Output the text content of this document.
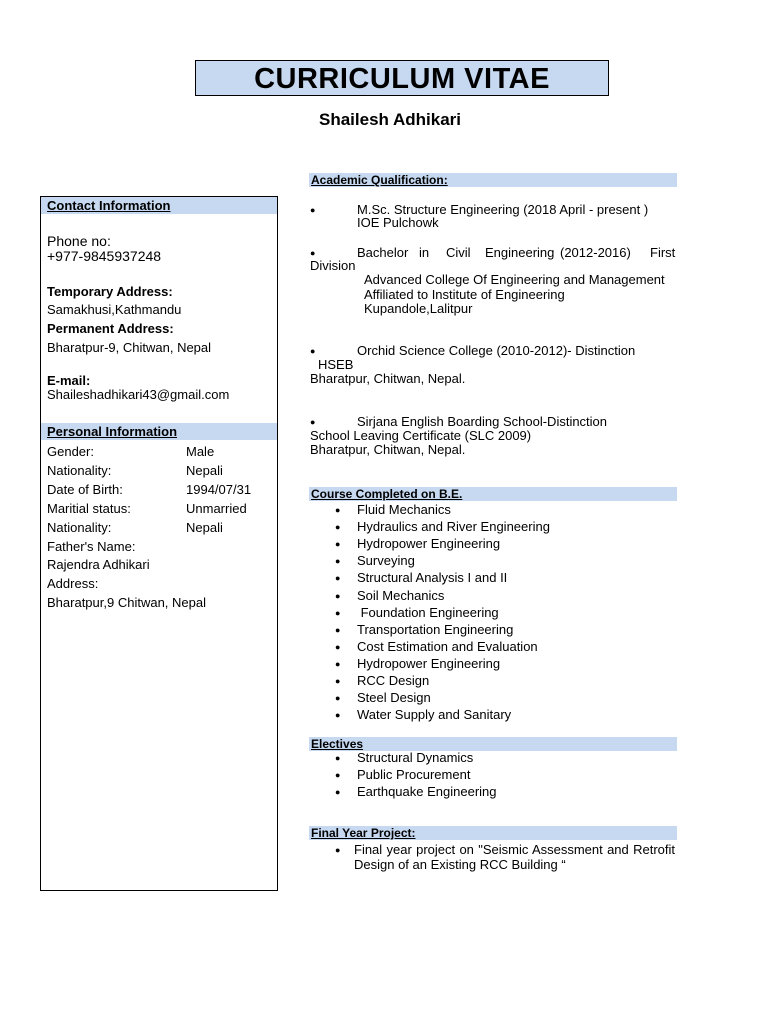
CURRICULUM VITAE
Shailesh Adhikari
Contact Information
Phone no:
+977-9845937248
Temporary Address:
Samakhusi,Kathmandu
Permanent Address:
Bharatpur-9, Chitwan, Nepal
E-mail:
Shaileshadhikari43@gmail.com
Personal Information
Gender:	Male
Nationality:	Nepali
Date of Birth:	1994/07/31
Maritial status:	Unmarried
Nationality:	Nepali
Father's Name:
Rajendra Adhikari
Address:
Bharatpur,9 Chitwan, Nepal
Academic Qualification:
●	M.Sc. Structure Engineering (2018 April - present )
IOE Pulchowk
●	Bachelor in Civil Engineering (2012-2016) First
Division
Advanced College Of Engineering and Management
Affiliated to Institute of Engineering
Kupandole,Lalitpur
●	Orchid Science College (2010-2012)- Distinction
HSEB
Bharatpur, Chitwan, Nepal.
●	Sirjana English Boarding School-Distinction
School Leaving Certificate (SLC 2009)
Bharatpur, Chitwan, Nepal.
Course Completed on B.E.
● Fluid Mechanics
● Hydraulics and River Engineering
● Hydropower Engineering
● Surveying
● Structural Analysis I and II
● Soil Mechanics
● Foundation Engineering
● Transportation Engineering
● Cost Estimation and Evaluation
● Hydropower Engineering
● RCC Design
● Steel Design
● Water Supply and Sanitary
Electives
● Structural Dynamics
● Public Procurement
● Earthquake Engineering
Final Year Project:
● Final year project on "Seismic Assessment and Retrofit
Design of an Existing RCC Building “
